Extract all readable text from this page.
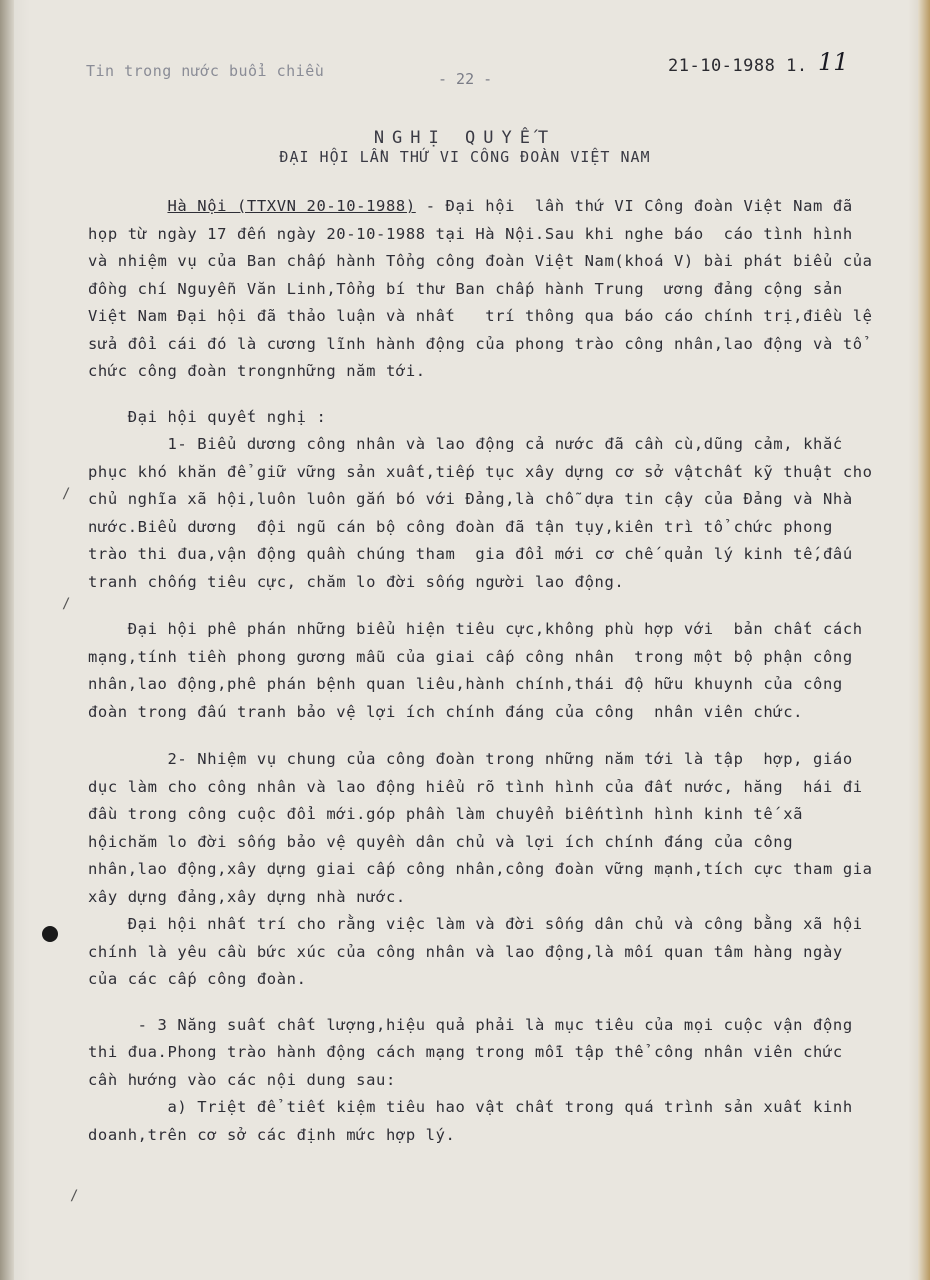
Tin trong nước buổi chiều	- 22 -
21-10-1988 1. 11
NGHỊ QUYẾT
ĐẠI HỘI LẦN THỨ VI CÔNG ĐOÀN VIỆT NAM

Hà Nội (TTXVN 20-10-1988) - Đại hội  lần thứ VI Công đoàn Việt Nam đã họp từ ngày 17 đến ngày 20-10-1988 tại Hà Nội.Sau khi nghe báo  cáo tình hình và nhiệm vụ của Ban chấp hành Tổng công đoàn Việt Nam(khoá V) bài phát biểu của đồng chí Nguyễn Văn Linh,Tổng bí thư Ban chấp hành Trung  ương đảng cộng sản Việt Nam Đại hội đã thảo luận và nhất   trí thông qua báo cáo chính trị,điều lệ sửa đổi cái đó là cương lĩnh hành động của phong trào công nhân,lao động và tổ chức công đoàn trongnhững năm tới.

Đại hội quyết nghị :

1- Biểu dương công nhân và lao động cả nước đã cần cù,dũng cảm, khắc phục khó khăn để giữ vững sản xuất,tiếp tục xây dựng cơ sở vậtchất kỹ thuật cho chủ nghĩa xã hội,luôn luôn gắn bó với Đảng,là chỗ dựa tin cậy của Đảng và Nhà nước.Biểu dương  đội ngũ cán bộ công đoàn đã tận tụy,kiên trì tổ chức phong trào thi đua,vận động quần chúng tham  gia đổi mới cơ chế quản lý kinh tế,đấu tranh chống tiêu cực, chăm lo đời sống người lao động.

Đại hội phê phán những biểu hiện tiêu cực,không phù hợp với  bản chất cách mạng,tính tiền phong gương mẫu của giai cấp công nhân  trong một bộ phận công nhân,lao động,phê phán bệnh quan liêu,hành chính,thái độ hữu khuynh của công đoàn trong đấu tranh bảo vệ lợi ích chính đáng của công  nhân viên chức.

2- Nhiệm vụ chung của công đoàn trong những năm tới là tập  hợp, giáo dục làm cho công nhân và lao động hiểu rõ tình hình của đất nước, hăng  hái đi đầu trong công cuộc đổi mới.góp phần làm chuyển biếntình hình kinh tế xã hộichăm lo đời sống bảo vệ quyền dân chủ và lợi ích chính đáng của công nhân,lao động,xây dựng giai cấp công nhân,công đoàn vững mạnh,tích cực tham gia xây dựng đảng,xây dựng nhà nước.

Đại hội nhất trí cho rằng việc làm và đời sống dân chủ và công bằng xã hội chính là yêu cầu bức xúc của công nhân và lao động,là mối quan tâm hàng ngày của các cấp công đoàn.

- 3 Năng suất chất lượng,hiệu quả phải là mục tiêu của mọi cuộc vận động thi đua.Phong trào hành động cách mạng trong mỗi tập thể công nhân viên chức cần hướng vào các nội dung sau:

a) Triệt để tiết kiệm tiêu hao vật chất trong quá trình sản xuất kinh doanh,trên cơ sở các định mức hợp lý.

/
/
/
